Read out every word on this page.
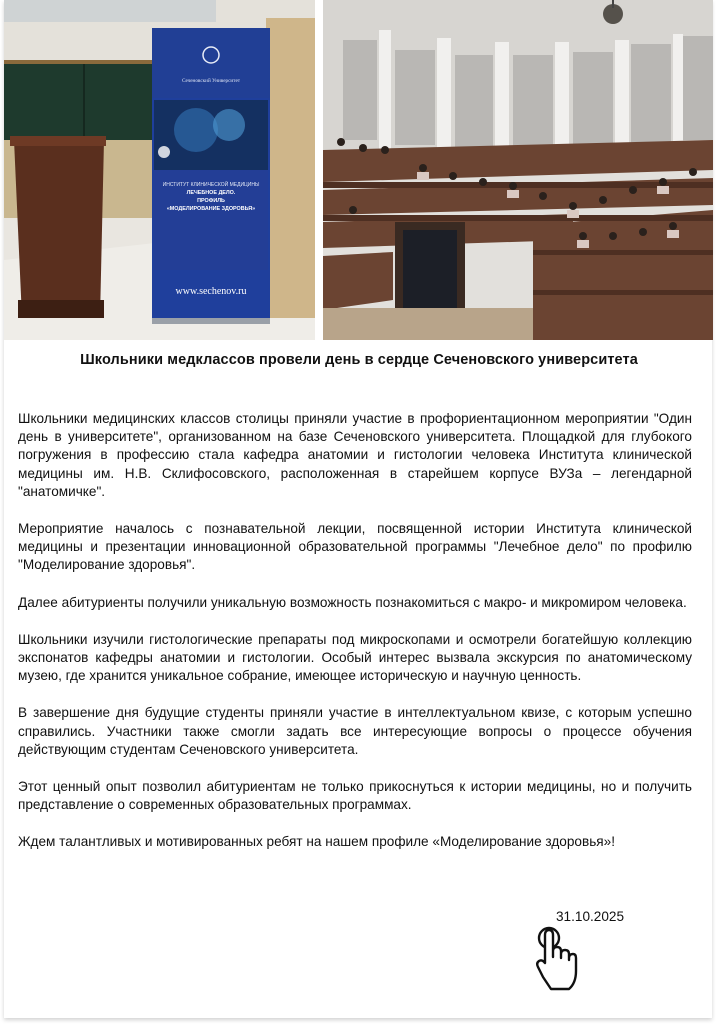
Сеченовский Университет
ИНСТИТУТ КЛИНИЧЕСКОЙ МЕДИЦИНЫ
ЛЕЧЕБНОЕ ДЕЛО.
ПРОФИЛЬ
«МОДЕЛИРОВАНИЕ ЗДОРОВЬЯ»
www.sechenov.ru
Школьники медклассов провели день в сердце Сеченовского университета

Школьники медицинских классов столицы приняли участие в профориентационном мероприятии "Один день в университете", организованном на базе Сеченовского университета. Площадкой для глубокого погружения в профессию стала кафедра анатомии и гистологии человека Института клинической медицины им. Н.В. Склифосовского, расположенная в старейшем корпусе ВУЗа – легендарной "анатомичке".

Мероприятие началось с познавательной лекции, посвященной истории Института клинической медицины и презентации инновационной образовательной программы "Лечебное дело" по профилю "Моделирование здоровья".

Далее абитуриенты получили уникальную возможность познакомиться с макро- и микромиром человека.

Школьники изучили гистологические препараты под микроскопами и осмотрели богатейшую коллекцию экспонатов кафедры анатомии и гистологии. Особый интерес вызвала экскурсия по анатомическому музею, где хранится уникальное собрание, имеющее историческую и научную ценность.

В завершение дня будущие студенты приняли участие в интеллектуальном квизе, с которым успешно справились. Участники также смогли задать все интересующие вопросы о процессе обучения действующим студентам Сеченовского университета.

Этот ценный опыт позволил абитуриентам не только прикоснуться к истории медицины, но и получить представление о современных образовательных программах.

Ждем талантливых и мотивированных ребят на нашем профиле «Моделирование здоровья»!

31.10.2025
